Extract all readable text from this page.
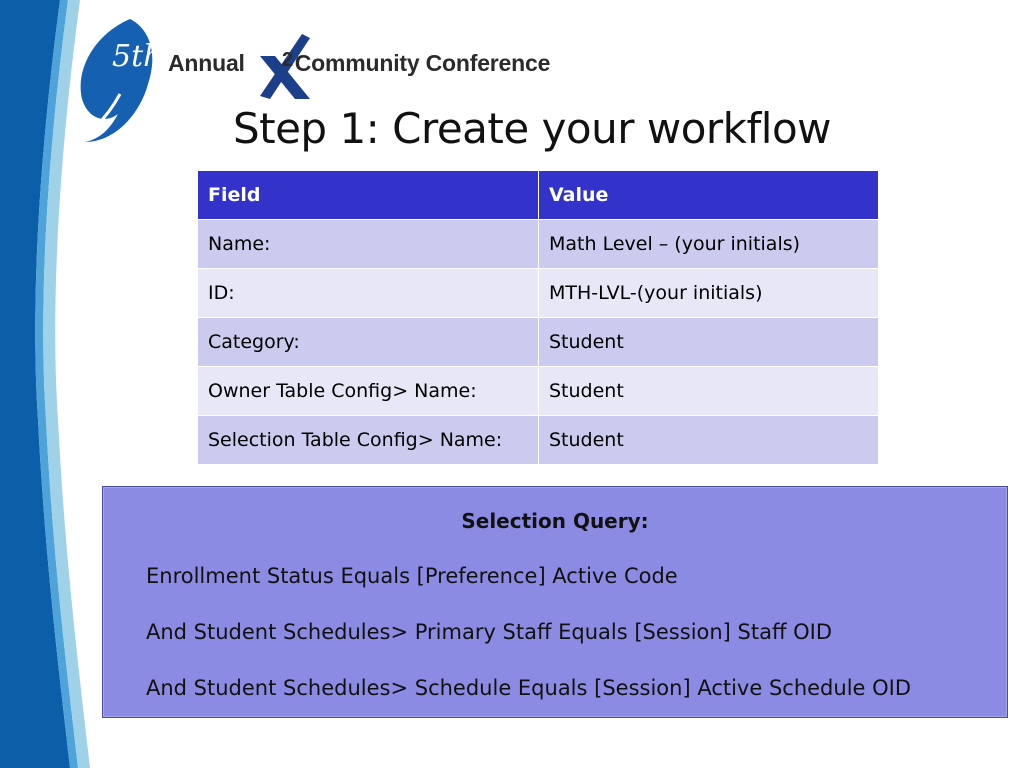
5th	2
Annual Community Conference
Step 1: Create your workflow
Field	Value
Name:	Math Level – (your initials)
ID:	MTH-LVL-(your initials)
Category:	Student
Owner Table Config> Name:	Student
Selection Table Config> Name:	Student
Selection Query:
Enrollment Status Equals [Preference] Active Code
And Student Schedules> Primary Staff Equals [Session] Staff OID
And Student Schedules> Schedule Equals [Session] Active Schedule OID
